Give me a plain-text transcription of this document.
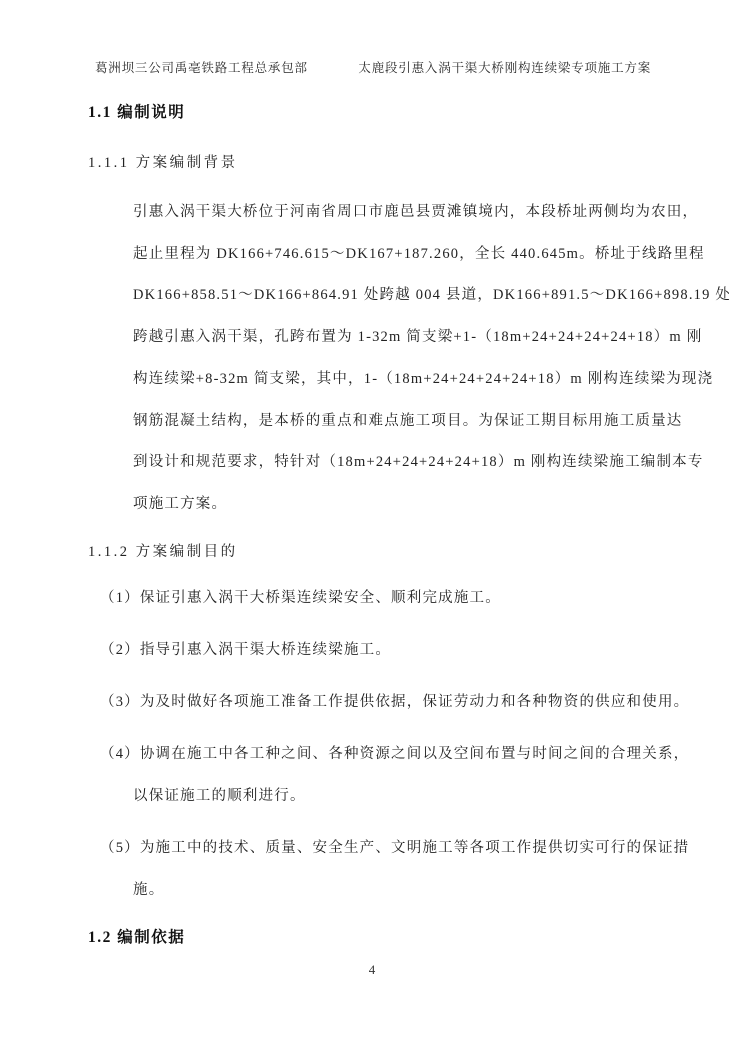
葛洲坝三公司禹亳铁路工程总承包部	太鹿段引惠入涡干渠大桥刚构连续梁专项施工方案
1.1 编制说明
1.1.1 方案编制背景
引惠入涡干渠大桥位于河南省周口市鹿邑县贾滩镇境内，本段桥址两侧均为农田，
起止里程为 DK166+746.615～DK167+187.260，全长 440.645m。桥址于线路里程
DK166+858.51～DK166+864.91 处跨越 004 县道，DK166+891.5～DK166+898.19 处
跨越引惠入涡干渠，孔跨布置为 1-32m 简支梁+1-（18m+24+24+24+24+18）m 刚
构连续梁+8-32m 简支梁，其中，1-（18m+24+24+24+24+18）m 刚构连续梁为现浇
钢筋混凝土结构，是本桥的重点和难点施工项目。为保证工期目标用施工质量达
到设计和规范要求，特针对（18m+24+24+24+24+18）m 刚构连续梁施工编制本专
项施工方案。
1.1.2 方案编制目的
（1）保证引惠入涡干大桥渠连续梁安全、顺利完成施工。
（2）指导引惠入涡干渠大桥连续梁施工。
（3）为及时做好各项施工准备工作提供依据，保证劳动力和各种物资的供应和使用。
（4）协调在施工中各工种之间、各种资源之间以及空间布置与时间之间的合理关系，
以保证施工的顺利进行。
（5）为施工中的技术、质量、安全生产、文明施工等各项工作提供切实可行的保证措
施。
1.2 编制依据
4
